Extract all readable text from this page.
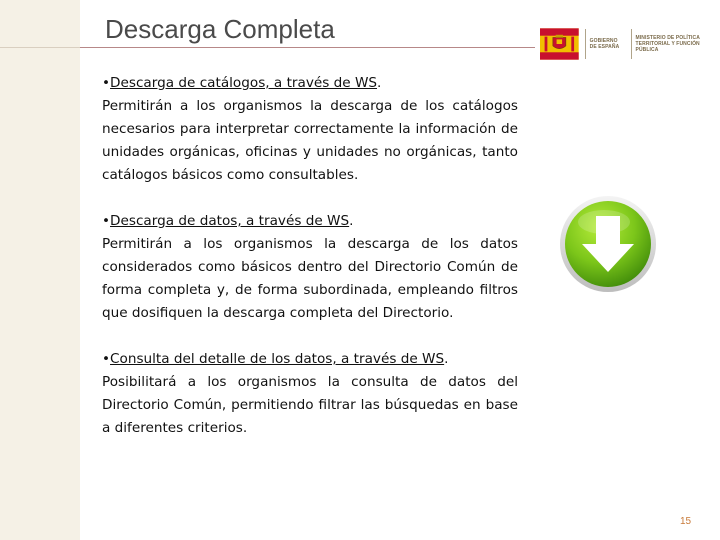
Descarga Completa	GOBIERNO DE ESPAÑA
MINISTERIO DE POLÍTICA TERRITORIAL Y FUNCIÓN PÚBLICA
•Descarga de catálogos, a través de WS.
Permitirán a los organismos la descarga de los catálogos necesarios para interpretar correctamente la información de unidades orgánicas, oficinas y unidades no orgánicas, tanto catálogos básicos como consultables.
•Descarga de datos, a través de WS.
Permitirán a los organismos la descarga de los datos considerados como básicos dentro del Directorio Común de forma completa y, de forma subordinada, empleando filtros que dosifiquen la descarga completa del Directorio.
•Consulta del detalle de los datos, a través de WS.
Posibilitará a los organismos la consulta de datos del Directorio Común, permitiendo filtrar las búsquedas en base a diferentes criterios.
15
